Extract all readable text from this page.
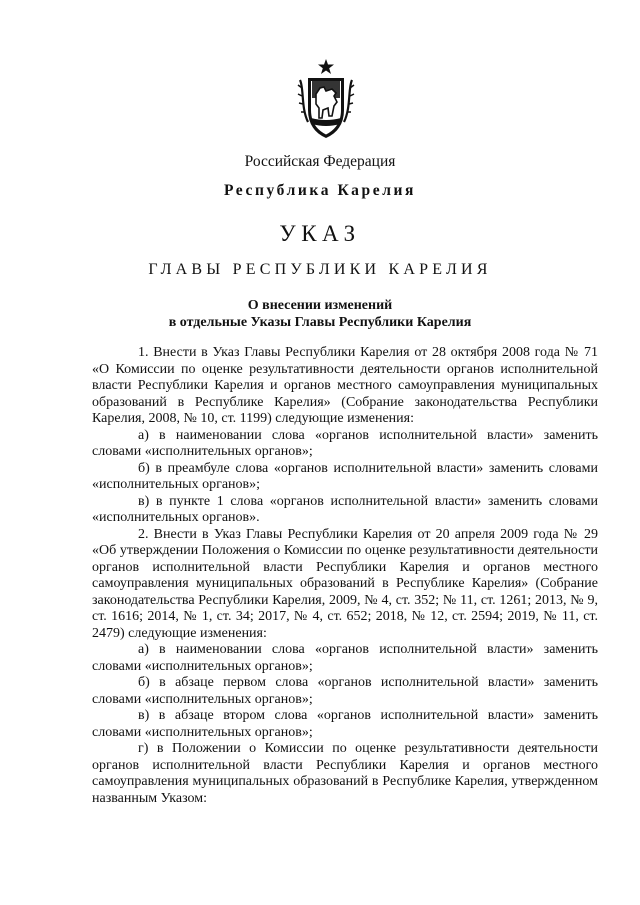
Российская Федерация
Республика Карелия
УКАЗ
ГЛАВЫ РЕСПУБЛИКИ КАРЕЛИЯ
О внесении изменений
в отдельные Указы Главы Республики Карелия

1. Внести в Указ Главы Республики Карелия от 28 октября 2008 года № 71 «О Комиссии по оценке результативности деятельности органов исполнительной власти Республики Карелия и органов местного самоуправления муниципальных образований в Республике Карелия» (Собрание законодательства Республики Карелия, 2008, № 10, ст. 1199) следующие изменения:

а) в наименовании слова «органов исполнительной власти» заменить словами «исполнительных органов»;

б) в преамбуле слова «органов исполнительной власти» заменить словами «исполнительных органов»;

в) в пункте 1 слова «органов исполнительной власти» заменить словами «исполнительных органов».

2. Внести в Указ Главы Республики Карелия от 20 апреля 2009 года № 29 «Об утверждении Положения о Комиссии по оценке результативности деятельности органов исполнительной власти Республики Карелия и органов местного самоуправления муниципальных образований в Республике Карелия» (Собрание законодательства Республики Карелия, 2009, № 4, ст. 352; № 11, ст. 1261; 2013, № 9, ст. 1616; 2014, № 1, ст. 34; 2017, № 4, ст. 652; 2018, № 12, ст. 2594; 2019, № 11, ст. 2479) следующие изменения:

а) в наименовании слова «органов исполнительной власти» заменить словами «исполнительных органов»;

б) в абзаце первом слова «органов исполнительной власти» заменить словами «исполнительных органов»;

в) в абзаце втором слова «органов исполнительной власти» заменить словами «исполнительных органов»;

г) в Положении о Комиссии по оценке результативности деятельности органов исполнительной власти Республики Карелия и органов местного самоуправления муниципальных образований в Республике Карелия, утвержденном названным Указом:
